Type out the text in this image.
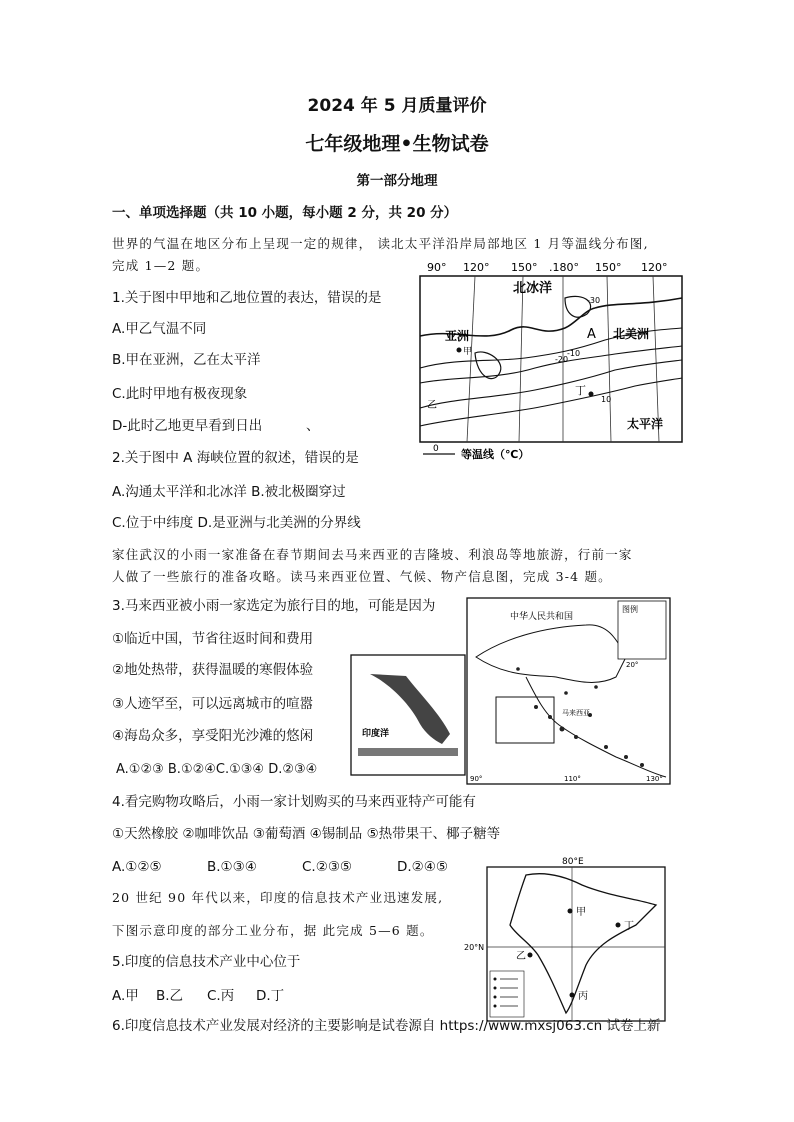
2024 年 5 月质量评价
七年级地理•生物试卷
第一部分地理
一、单项选择题（共 10 小题，每小题 2 分，共 20 分）
世界的气温在地区分布上呈现一定的规律， 读北太平洋沿岸局部地区 1 月等温线分布图,
完成 1—2 题。
1.关于图中甲地和乙地位置的表达，错误的是
A.甲乙气温不同
B.甲在亚洲，乙在太平洋
C.此时甲地有极夜现象
D-此时乙地更早看到日出	、
2.关于图中 A 海峡位置的叙述，错误的是
A.沟通太平洋和北冰洋 B.被北极圈穿过
C.位于中纬度 D.是亚洲与北美洲的分界线
90° 120° 150° .180° 150° 120°
北冰洋
亚洲	北美洲
太平洋
A
甲
乙
丁
-30
-10
10
-20
0 等温线（℃）
家住武汉的小雨一家准备在春节期间去马来西亚的吉隆坡、利浪岛等地旅游，行前一家
人做了一些旅行的准备攻略。读马来西亚位置、气候、物产信息图，完成 3-4 题。
3.马来西亚被小雨一家选定为旅行目的地，可能是因为
①临近中国，节省往返时间和费用
②地处热带，获得温暖的寒假体验
③人迹罕至，可以远离城市的喧嚣
④海岛众多，享受阳光沙滩的悠闲
A.①②③ B.①②④C.①③④ D.②③④
印度洋
图例
中华人民共和国
马来西亚
20°
90°	110°	130°
4.看完购物攻略后，小雨一家计划购买的马来西亚特产可能有
①天然橡胶 ②咖啡饮品 ③葡萄酒 ④锡制品 ⑤热带果干、椰子糖等
A.①②⑤	B.①③④	C.②③⑤	D.②④⑤
20 世纪 90 年代以来，印度的信息技术产业迅速发展,
下图示意印度的部分工业分布，据 此完成 5—6 题。
5.印度的信息技术产业中心位于
A.甲 B.乙 C.丙 D.丁
80°E
甲
乙
丙
丁
20°N
6.印度信息技术产业发展对经济的主要影响是试卷源自 https://www.mxsj063.cn 试卷上新
